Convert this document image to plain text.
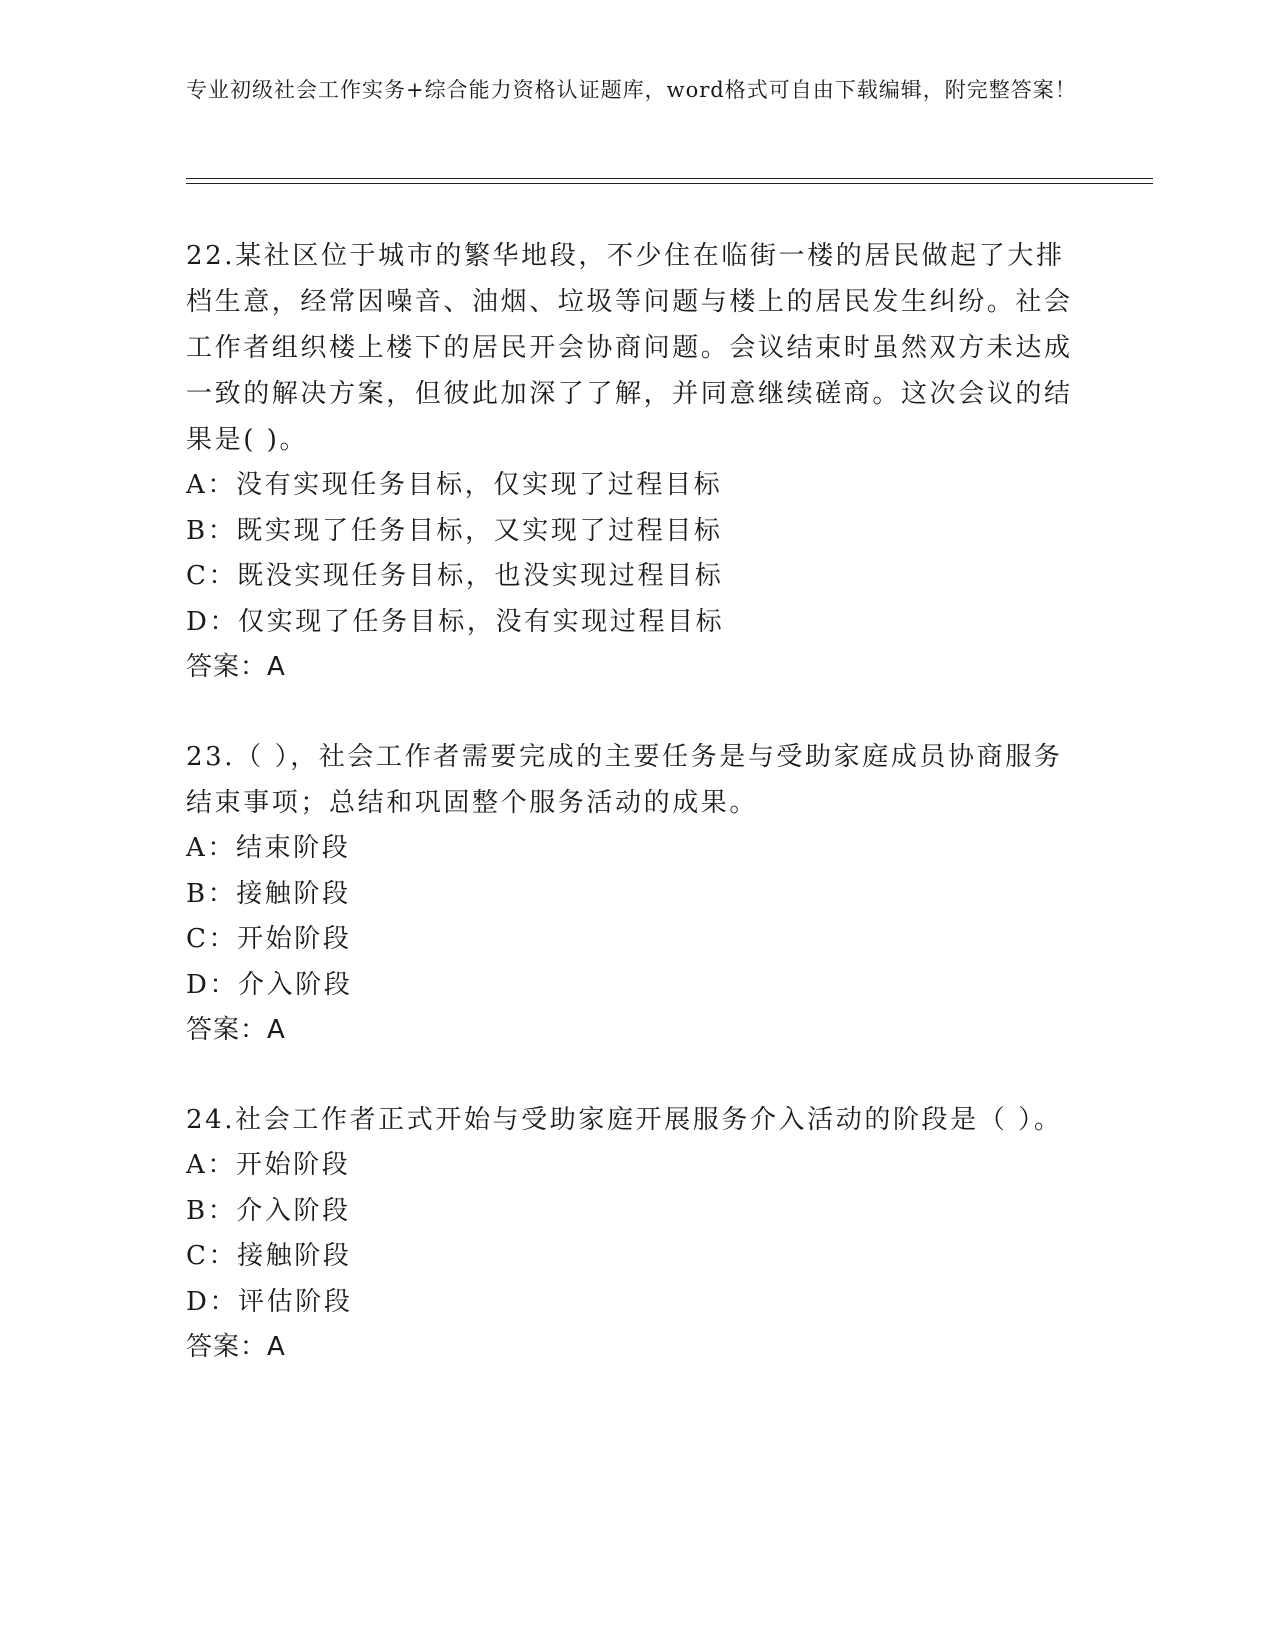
专业初级社会工作实务+综合能力资格认证题库，word格式可自由下载编辑，附完整答案！

22.某社区位于城市的繁华地段，不少住在临街一楼的居民做起了大排档生意，经常因噪音、油烟、垃圾等问题与楼上的居民发生纠纷。社会工作者组织楼上楼下的居民开会协商问题。会议结束时虽然双方未达成一致的解决方案，但彼此加深了了解，并同意继续磋商。这次会议的结果是( )。

A：没有实现任务目标，仅实现了过程目标
B：既实现了任务目标，又实现了过程目标
C：既没实现任务目标，也没实现过程目标
D：仅实现了任务目标，没有实现过程目标
答案：A

23.（ ），社会工作者需要完成的主要任务是与受助家庭成员协商服务结束事项；总结和巩固整个服务活动的成果。

A：结束阶段
B：接触阶段
C：开始阶段
D：介入阶段
答案：A

24.社会工作者正式开始与受助家庭开展服务介入活动的阶段是（ ）。

A：开始阶段
B：介入阶段
C：接触阶段
D：评估阶段
答案：A
